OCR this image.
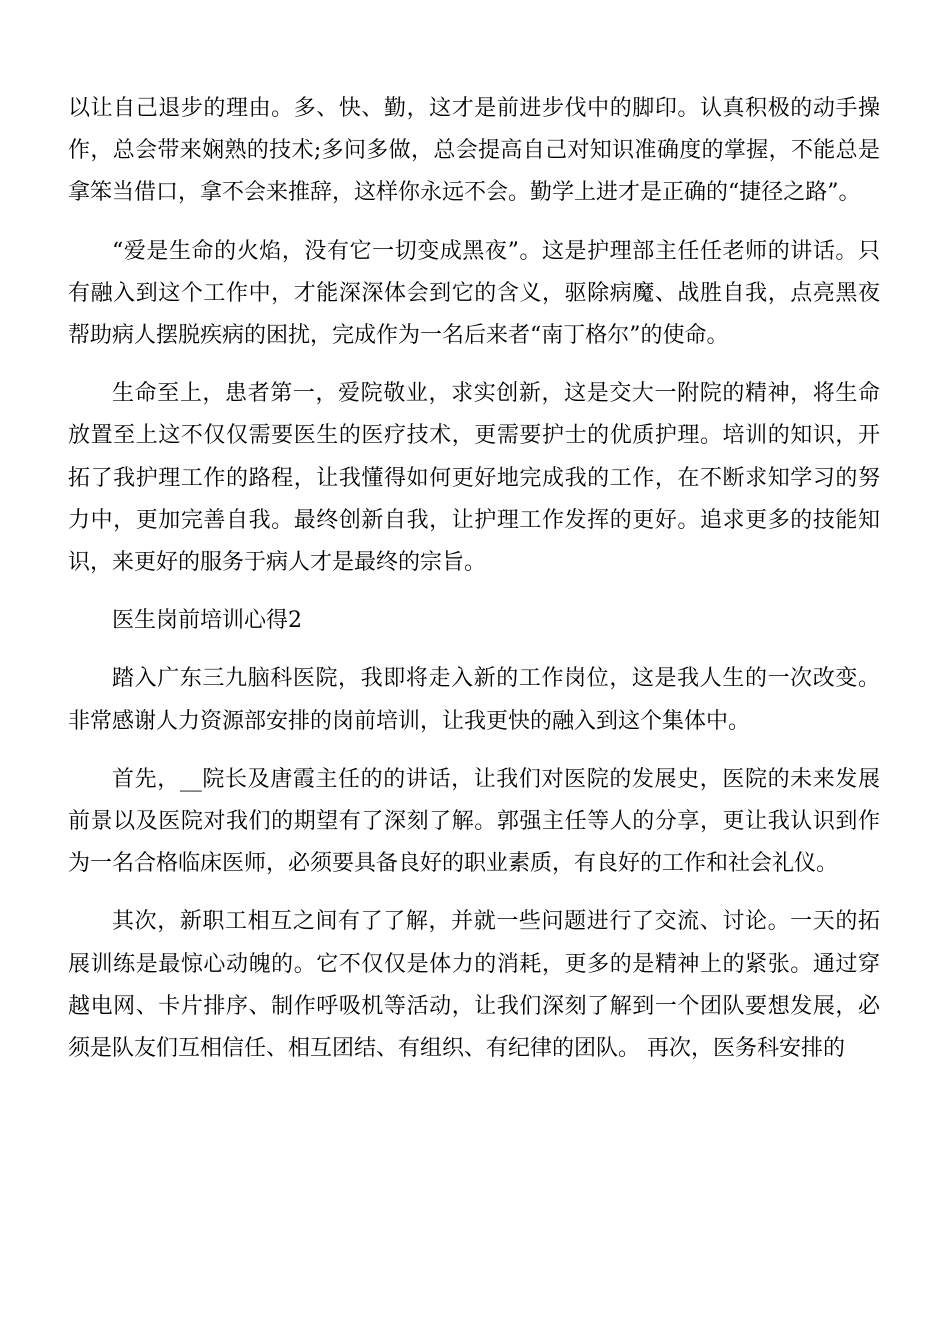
以让自己退步的理由。多、快、勤，这才是前进步伐中的脚印。认真积极的动手操作，总会带来娴熟的技术;多问多做，总会提高自己对知识准确度的掌握，不能总是拿笨当借口，拿不会来推辞，这样你永远不会。勤学上进才是正确的“捷径之路”。

“爱是生命的火焰，没有它一切变成黑夜”。这是护理部主任任老师的讲话。只有融入到这个工作中，才能深深体会到它的含义，驱除病魔、战胜自我，点亮黑夜帮助病人摆脱疾病的困扰，完成作为一名后来者“南丁格尔”的使命。

生命至上，患者第一，爱院敬业，求实创新，这是交大一附院的精神，将生命放置至上这不仅仅需要医生的医疗技术，更需要护士的优质护理。培训的知识，开拓了我护理工作的路程，让我懂得如何更好地完成我的工作，在不断求知学习的努力中，更加完善自我。最终创新自我，让护理工作发挥的更好。追求更多的技能知识，来更好的服务于病人才是最终的宗旨。

医生岗前培训心得2

踏入广东三九脑科医院，我即将走入新的工作岗位，这是我人生的一次改变。非常感谢人力资源部安排的岗前培训，让我更快的融入到这个集体中。

首先，__院长及唐霞主任的的讲话，让我们对医院的发展史，医院的未来发展前景以及医院对我们的期望有了深刻了解。郭强主任等人的分享，更让我认识到作为一名合格临床医师，必须要具备良好的职业素质，有良好的工作和社会礼仪。

其次，新职工相互之间有了了解，并就一些问题进行了交流、讨论。一天的拓展训练是最惊心动魄的。它不仅仅是体力的消耗，更多的是精神上的紧张。通过穿越电网、卡片排序、制作呼吸机等活动，让我们深刻了解到一个团队要想发展，必须是队友们互相信任、相互团结、有组织、有纪律的团队。 再次，医务科安排的
